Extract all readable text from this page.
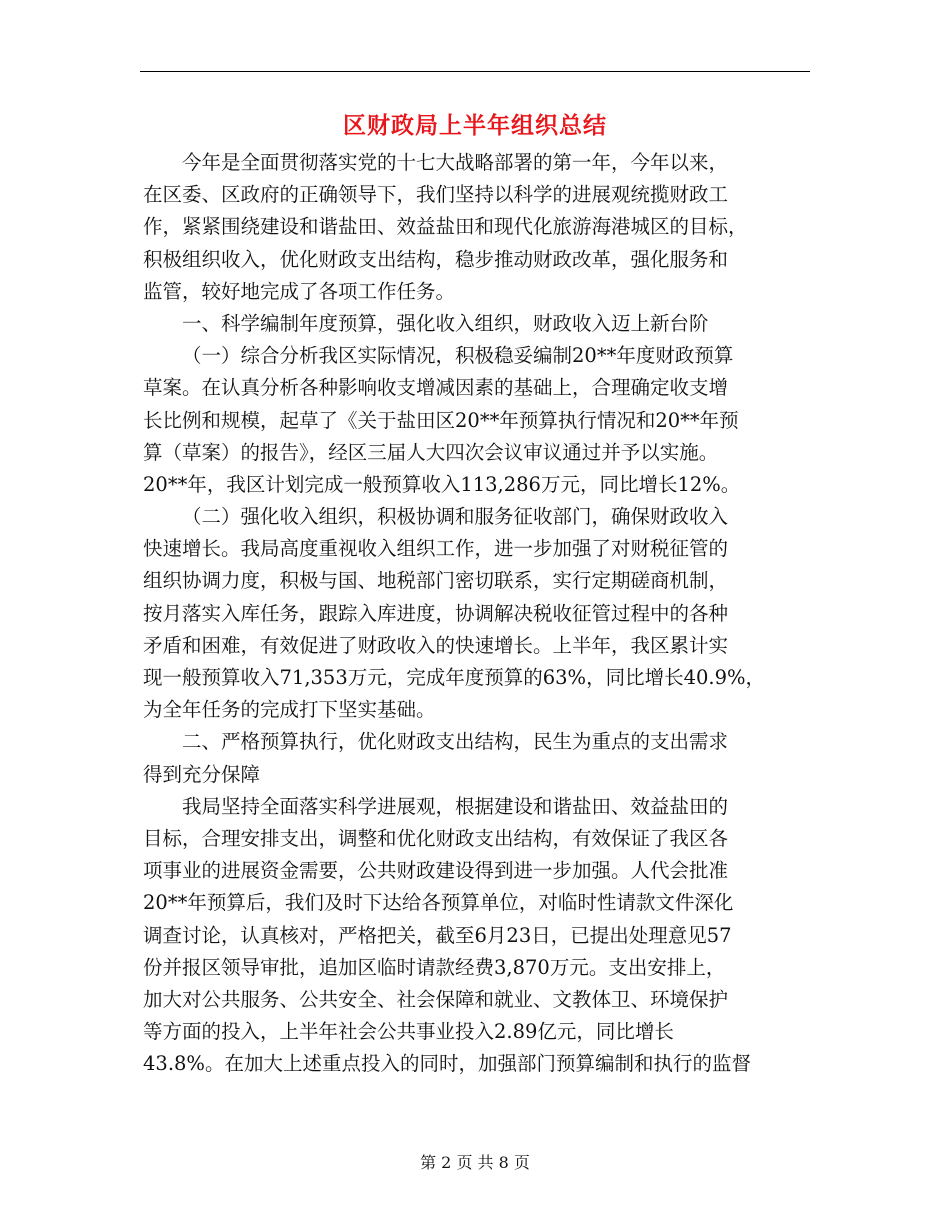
区财政局上半年组织总结
今年是全面贯彻落实党的十七大战略部署的第一年，今年以来，
在区委、区政府的正确领导下，我们坚持以科学的进展观统揽财政工
作，紧紧围绕建设和谐盐田、效益盐田和现代化旅游海港城区的目标，
积极组织收入，优化财政支出结构，稳步推动财政改革，强化服务和
监管，较好地完成了各项工作任务。
一、科学编制年度预算，强化收入组织，财政收入迈上新台阶
（一）综合分析我区实际情况，积极稳妥编制20**年度财政预算
草案。在认真分析各种影响收支增减因素的基础上，合理确定收支增
长比例和规模，起草了《关于盐田区20**年预算执行情况和20**年预
算（草案）的报告》，经区三届人大四次会议审议通过并予以实施。
20**年，我区计划完成一般预算收入113,286万元，同比增长12%。
（二）强化收入组织，积极协调和服务征收部门，确保财政收入
快速增长。我局高度重视收入组织工作，进一步加强了对财税征管的
组织协调力度，积极与国、地税部门密切联系，实行定期磋商机制，
按月落实入库任务，跟踪入库进度，协调解决税收征管过程中的各种
矛盾和困难，有效促进了财政收入的快速增长。上半年，我区累计实
现一般预算收入71,353万元，完成年度预算的63%，同比增长40.9%，
为全年任务的完成打下坚实基础。
二、严格预算执行，优化财政支出结构，民生为重点的支出需求
得到充分保障
我局坚持全面落实科学进展观，根据建设和谐盐田、效益盐田的
目标，合理安排支出，调整和优化财政支出结构，有效保证了我区各
项事业的进展资金需要，公共财政建设得到进一步加强。人代会批准
20**年预算后，我们及时下达给各预算单位，对临时性请款文件深化
调查讨论，认真核对，严格把关，截至6月23日，已提出处理意见57
份并报区领导审批，追加区临时请款经费3,870万元。支出安排上，
加大对公共服务、公共安全、社会保障和就业、文教体卫、环境保护
等方面的投入，上半年社会公共事业投入2.89亿元，同比增长
43.8%。在加大上述重点投入的同时，加强部门预算编制和执行的监督
第 2 页 共 8 页
